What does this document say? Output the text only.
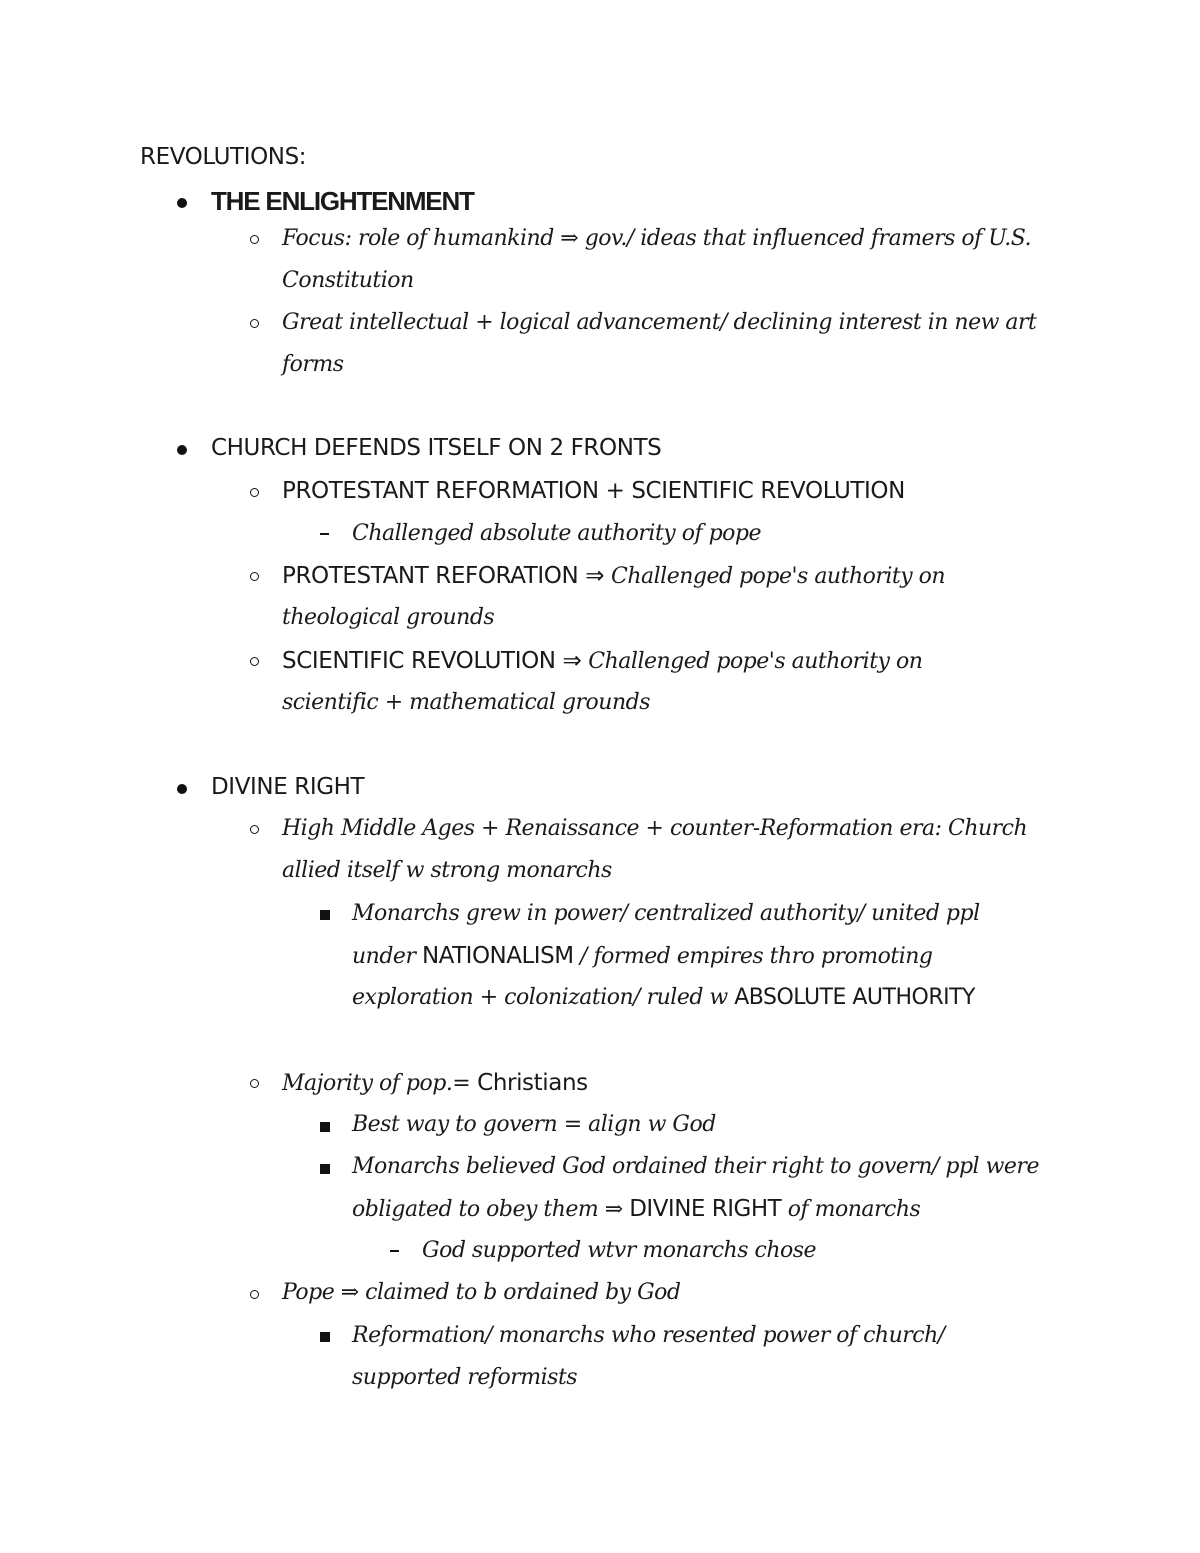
REVOLUTIONS:
THE ENLIGHTENMENT
Focus: role of humankind ⇒ gov./ ideas that influenced framers of U.S.
Constitution
Great intellectual + logical advancement/ declining interest in new art
forms
CHURCH DEFENDS ITSELF ON 2 FRONTS
PROTESTANT REFORMATION + SCIENTIFIC REVOLUTION
Challenged absolute authority of pope
PROTESTANT REFORATION ⇒ Challenged pope's authority on
theological grounds
SCIENTIFIC REVOLUTION ⇒ Challenged pope's authority on
scientific + mathematical grounds
DIVINE RIGHT
High Middle Ages + Renaissance + counter-Reformation era: Church
allied itself w strong monarchs
Monarchs grew in power/ centralized authority/ united ppl
under NATIONALISM / formed empires thro promoting
exploration + colonization/ ruled w ABSOLUTE AUTHORITY
Majority of pop.= Christians
Best way to govern = align w God
Monarchs believed God ordained their right to govern/ ppl were
obligated to obey them ⇒ DIVINE RIGHT of monarchs
God supported wtvr monarchs chose
Pope ⇒ claimed to b ordained by God
Reformation/ monarchs who resented power of church/
supported reformists
